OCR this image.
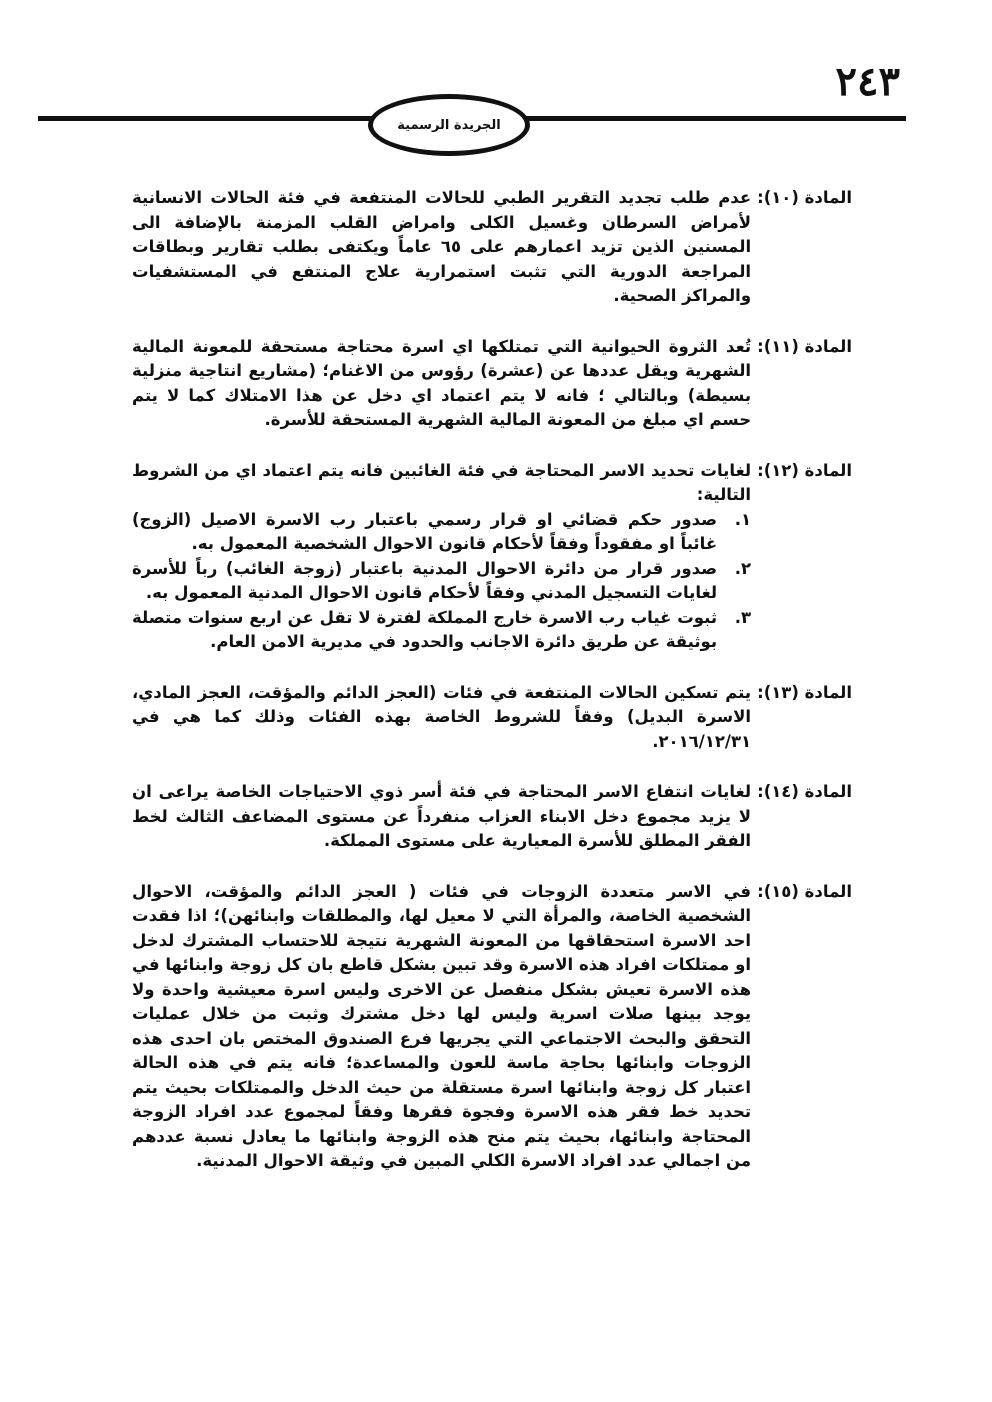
٢٤٣
الجريدة الرسمية
المادة (١٠):

عدم طلب تجديد التقرير الطبي للحالات المنتفعة في فئة الحالات الانسانية لأمراض السرطان وغسيل الكلى وامراض القلب المزمنة بالإضافة الى المسنين الذين تزيد اعمارهم على ٦٥ عاماً ويكتفى بطلب تقارير وبطاقات المراجعة الدورية التي تثبت استمرارية علاج المنتفع في المستشفيات والمراكز الصحية.

المادة (١١):

تُعد الثروة الحيوانية التي تمتلكها اي اسرة محتاجة مستحقة للمعونة المالية الشهرية ويقل عددها عن (عشرة) رؤوس من الاغنام؛ (مشاريع انتاجية منزلية بسيطة) وبالتالي ؛ فانه لا يتم اعتماد اي دخل عن هذا الامتلاك كما لا يتم حسم اي مبلغ من المعونة المالية الشهرية المستحقة للأسرة.

المادة (١٢):

لغايات تحديد الاسر المحتاجة في فئة الغائبين فانه يتم اعتماد اي من الشروط التالية:

١.
صدور حكم قضائي او قرار رسمي باعتبار رب الاسرة الاصيل (الزوج) غائباً او مفقوداً وفقاً لأحكام قانون الاحوال الشخصية المعمول به.
٢.
صدور قرار من دائرة الاحوال المدنية باعتبار (زوجة الغائب) رباً للأسرة لغايات التسجيل المدني وفقاً لأحكام قانون الاحوال المدنية المعمول به.
٣.
ثبوت غياب رب الاسرة خارج المملكة لفترة لا تقل عن اربع سنوات متصلة بوثيقة عن طريق دائرة الاجانب والحدود في مديرية الامن العام.
المادة (١٣):

يتم تسكين الحالات المنتفعة في فئات (العجز الدائم والمؤقت، العجز المادي، الاسرة البديل) وفقاً للشروط الخاصة بهذه الفئات وذلك كما هي في ٢٠١٦/١٢/٣١.

المادة (١٤):

لغايات انتفاع الاسر المحتاجة في فئة أسر ذوي الاحتياجات الخاصة يراعى ان لا يزيد مجموع دخل الابناء العزاب منفرداً عن مستوى المضاعف الثالث لخط الفقر المطلق للأسرة المعيارية على مستوى المملكة.

المادة (١٥):

في الاسر متعددة الزوجات في فئات ( العجز الدائم والمؤقت، الاحوال الشخصية الخاصة، والمرأة التي لا معيل لها، والمطلقات وابنائهن)؛ اذا فقدت احد الاسرة استحقاقها من المعونة الشهرية نتيجة للاحتساب المشترك لدخل او ممتلكات افراد هذه الاسرة وقد تبين بشكل قاطع بان كل زوجة وابنائها في هذه الاسرة تعيش بشكل منفصل عن الاخرى وليس اسرة معيشية واحدة ولا يوجد بينها صلات اسرية وليس لها دخل مشترك وثبت من خلال عمليات التحقق والبحث الاجتماعي التي يجريها فرع الصندوق المختص بان احدى هذه الزوجات وابنائها بحاجة ماسة للعون والمساعدة؛ فانه يتم في هذه الحالة اعتبار كل زوجة وابنائها اسرة مستقلة من حيث الدخل والممتلكات بحيث يتم تحديد خط فقر هذه الاسرة وفجوة فقرها وفقاً لمجموع عدد افراد الزوجة المحتاجة وابنائها، بحيث يتم منح هذه الزوجة وابنائها ما يعادل نسبة عددهم من اجمالي عدد افراد الاسرة الكلي المبين في وثيقة الاحوال المدنية.
